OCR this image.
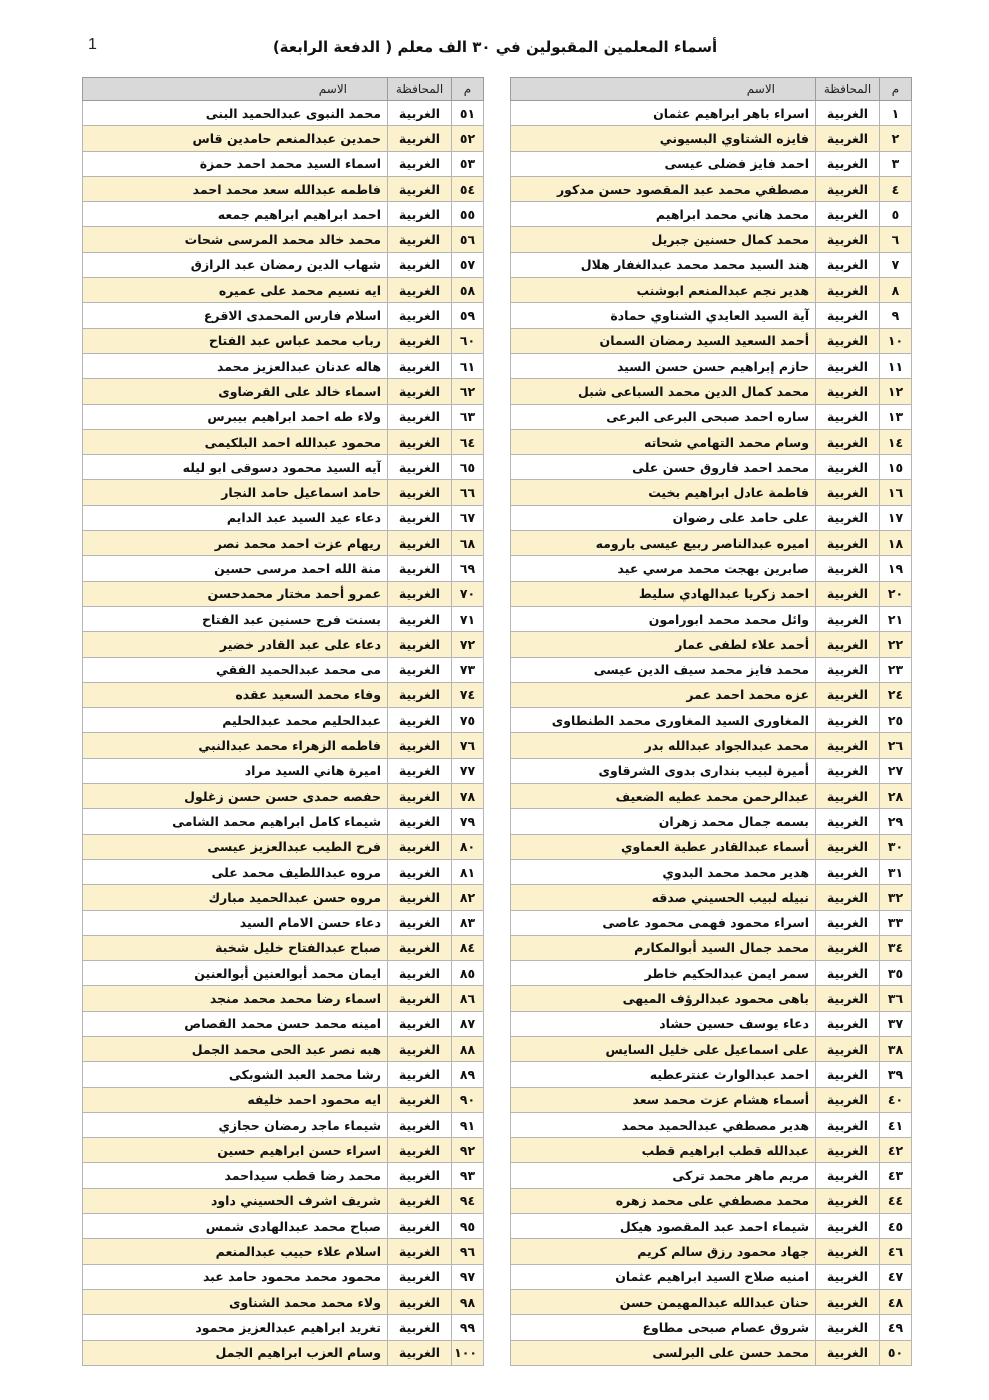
1	أسماء المعلمين المقبولين في ٣٠ الف معلم ( الدفعة الرابعة)
م	المحافظة	الاسم
١	الغربية	اسراء باهر ابراهيم عثمان
٢	الغربية	فايزه الشتاوي البسيوني
٣	الغربية	احمد فايز فضلى عيسى
٤	الغربية	مصطفي محمد عبد المقصود حسن مدكور
٥	الغربية	محمد هاني محمد ابراهيم
٦	الغربية	محمد كمال حسنين جبريل
٧	الغربية	هند السيد محمد محمد عبدالغفار هلال
٨	الغربية	هدير نجم عبدالمنعم ابوشنب
٩	الغربية	آية السيد العايدي الشناوي حمادة
١٠	الغربية	أحمد السعيد السيد رمضان السمان
١١	الغربية	حازم إبراهيم حسن حسن السيد
١٢	الغربية	محمد كمال الدين محمد السباعى شبل
١٣	الغربية	ساره احمد صبحى البرعى البرعى
١٤	الغربية	وسام محمد التهامي شحاته
١٥	الغربية	محمد احمد فاروق حسن على
١٦	الغربية	فاطمة عادل ابراهيم بخيت
١٧	الغربية	على حامد على رضوان
١٨	الغربية	اميره عبدالناصر ربيع عيسى بارومه
١٩	الغربية	صابرين بهجت محمد مرسي عيد
٢٠	الغربية	احمد زكريا عبدالهادي سليط
٢١	الغربية	وائل محمد محمد ابورامون
٢٢	الغربية	أحمد علاء لطفى عمار
٢٣	الغربية	محمد فايز محمد سيف الدين عيسى
٢٤	الغربية	عزه محمد احمد عمر
٢٥	الغربية	المغاورى السيد المغاورى محمد الطنطاوى
٢٦	الغربية	محمد عبدالجواد عبدالله بدر
٢٧	الغربية	أميرة لبيب بندارى بدوى الشرقاوى
٢٨	الغربية	عبدالرحمن محمد عطيه الضعيف
٢٩	الغربية	بسمه جمال محمد زهران
٣٠	الغربية	أسماء عبدالقادر عطية العماوي
٣١	الغربية	هدير محمد محمد البدوي
٣٢	الغربية	نبيله لبيب الحسيني صدقه
٣٣	الغربية	اسراء محمود فهمى محمود عاصى
٣٤	الغربية	محمد جمال السيد أبوالمكارم
٣٥	الغربية	سمر ايمن عبدالحكيم خاطر
٣٦	الغربية	باهى محمود عبدالرؤف الميهى
٣٧	الغربية	دعاء يوسف حسين حشاد
٣٨	الغربية	على اسماعيل على خليل السايس
٣٩	الغربية	احمد عبدالوارث عنترعطيه
٤٠	الغربية	أسماء هشام عزت محمد سعد
٤١	الغربية	هدير مصطفي عبدالحميد محمد
٤٢	الغربية	عبدالله قطب ابراهيم قطب
٤٣	الغربية	مريم ماهر محمد تركى
٤٤	الغربية	محمد مصطفي على محمد زهره
٤٥	الغربية	شيماء احمد عبد المقصود هيكل
٤٦	الغربية	جهاد محمود رزق سالم كريم
٤٧	الغربية	امنيه صلاح السيد ابراهيم عثمان
٤٨	الغربية	حنان عبدالله عبدالمهيمن حسن
٤٩	الغربية	شروق عصام صبحى مطاوع
٥٠	الغربية	محمد حسن على البرلسى
م	المحافظة	الاسم
٥١	الغربية	محمد النبوى عبدالحميد البنى
٥٢	الغربية	حمدين عبدالمنعم حامدين قاس
٥٣	الغربية	اسماء السيد محمد احمد حمزة
٥٤	الغربية	فاطمه عبدالله سعد محمد احمد
٥٥	الغربية	احمد ابراهيم ابراهيم جمعه
٥٦	الغربية	محمد خالد محمد المرسى شحات
٥٧	الغربية	شهاب الدين رمضان عبد الرازق
٥٨	الغربية	ايه نسيم محمد على عميره
٥٩	الغربية	اسلام فارس المحمدى الاقرع
٦٠	الغربية	رباب محمد عباس عبد الفتاح
٦١	الغربية	هاله عدنان عبدالعزيز محمد
٦٢	الغربية	اسماء خالد على القرضاوى
٦٣	الغربية	ولاء طه احمد ابراهيم بيبرس
٦٤	الغربية	محمود عبدالله احمد البلكيمى
٦٥	الغربية	آيه السيد محمود دسوقى ابو ليله
٦٦	الغربية	حامد اسماعيل حامد النجار
٦٧	الغربية	دعاء عيد السيد عبد الدايم
٦٨	الغربية	ريهام عزت احمد محمد نصر
٦٩	الغربية	منة الله احمد مرسى حسين
٧٠	الغربية	عمرو أحمد مختار محمدحسن
٧١	الغربية	بسنت فرج حسنين عبد الفتاح
٧٢	الغربية	دعاء على عبد القادر خضير
٧٣	الغربية	مى محمد عبدالحميد الفقي
٧٤	الغربية	وفاء محمد السعيد عقده
٧٥	الغربية	عبدالحليم محمد عبدالحليم
٧٦	الغربية	فاطمه الزهراء محمد عبدالنبي
٧٧	الغربية	اميرة هاني السيد مراد
٧٨	الغربية	حفصه حمدى حسن حسن زغلول
٧٩	الغربية	شيماء كامل ابراهيم محمد الشامى
٨٠	الغربية	فرح الطيب عبدالعزيز عيسى
٨١	الغربية	مروه عبداللطيف محمد على
٨٢	الغربية	مروه حسن عبدالحميد مبارك
٨٣	الغربية	دعاء حسن الامام السيد
٨٤	الغربية	صباح عبدالفتاح خليل شخبة
٨٥	الغربية	ايمان محمد أبوالعنين أبوالعنين
٨٦	الغربية	اسماء رضا محمد محمد منجد
٨٧	الغربية	امينه محمد حسن محمد القصاص
٨٨	الغربية	هبه نصر عبد الحى محمد الجمل
٨٩	الغربية	رشا محمد العبد الشوبكى
٩٠	الغربية	ايه محمود احمد خليفه
٩١	الغربية	شيماء ماجد رمضان حجازي
٩٢	الغربية	اسراء حسن ابراهيم حسين
٩٣	الغربية	محمد رضا قطب سيداحمد
٩٤	الغربية	شريف اشرف الحسيني داود
٩٥	الغربية	صباح محمد عبدالهادى شمس
٩٦	الغربية	اسلام علاء حبيب عبدالمنعم
٩٧	الغربية	محمود محمد محمود حامد عبد
٩٨	الغربية	ولاء محمد محمد الشناوى
٩٩	الغربية	تغريد ابراهيم عبدالعزيز محمود
١٠٠	الغربية	وسام العزب ابراهيم الجمل
